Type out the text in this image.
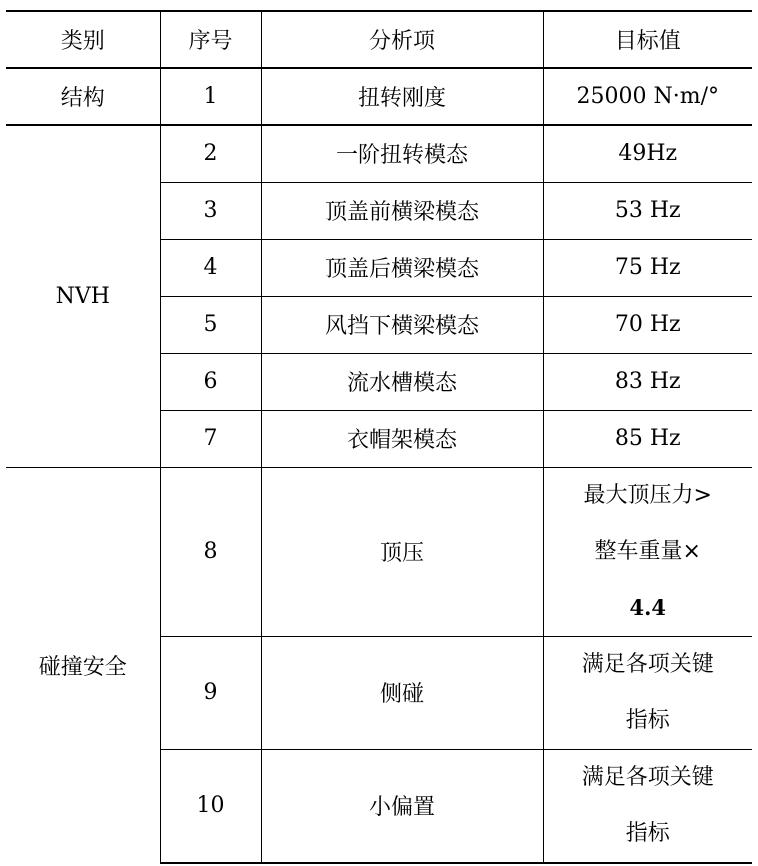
类别	序号	分析项	目标值
结构	1	扭转刚度	25000 N·m/°
NVH	2	一阶扭转模态	49Hz
	3	顶盖前横梁模态	53 Hz
	4	顶盖后横梁模态	75 Hz
	5	风挡下横梁模态	70 Hz
	6	流水槽模态	83 Hz
	7	衣帽架模态	85 Hz
碰撞安全	8	顶压	最大顶压力>
整车重量×
4.4

	9	侧碰	满足各项关键
指标

	10	小偏置	满足各项关键
指标
